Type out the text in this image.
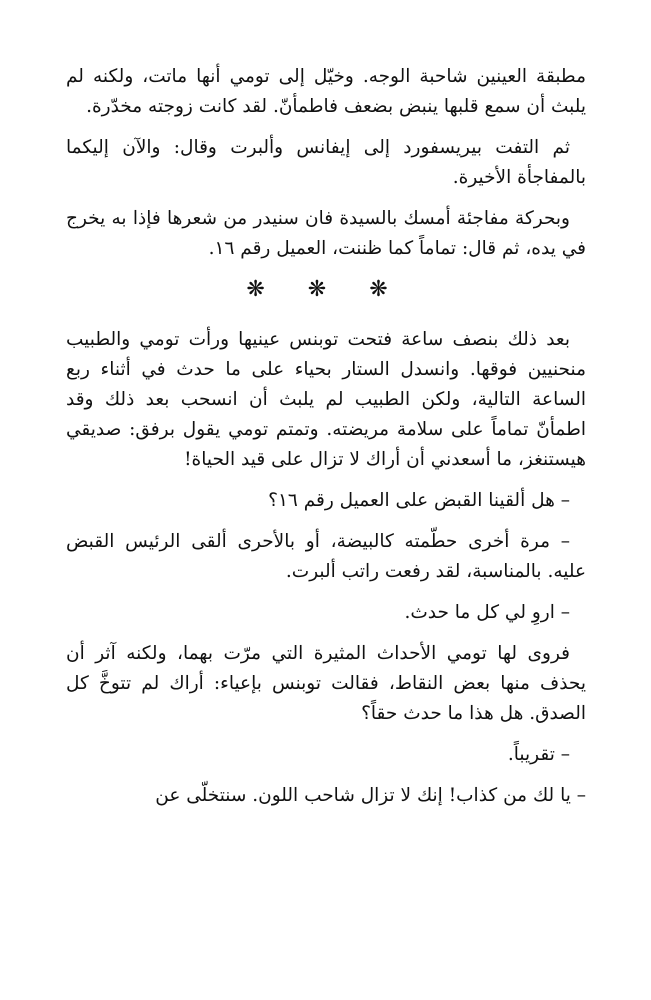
مطبقة العينين شاحبة الوجه. وخيّل إلى تومي أنها ماتت، ولكنه لم يلبث أن سمع قلبها ينبض بضعف فاطمأنّ. لقد كانت زوجته مخدّرة.

ثم التفت بيريسفورد إلى إيفانس وألبرت وقال: والآن إليكما بالمفاجأة الأخيرة.

وبحركة مفاجئة أمسك بالسيدة فان سنيدر من شعرها فإذا به يخرج في يده، ثم قال: تماماً كما ظننت، العميل رقم ١٦.

❋ ❋ ❋

بعد ذلك بنصف ساعة فتحت توبنس عينيها ورأت تومي والطبيب منحنيين فوقها. وانسدل الستار بحياء على ما حدث في أثناء ربع الساعة التالية، ولكن الطبيب لم يلبث أن انسحب بعد ذلك وقد اطمأنّ تماماً على سلامة مريضته. وتمتم تومي يقول برفق: صديقي هيستنغز، ما أسعدني أن أراك لا تزال على قيد الحياة!

– هل ألقينا القبض على العميل رقم ١٦؟

– مرة أخرى حطّمته كالبيضة، أو بالأحرى ألقى الرئيس القبض عليه. بالمناسبة، لقد رفعت راتب ألبرت.

– اروِ لي كل ما حدث.

فروى لها تومي الأحداث المثيرة التي مرّت بهما، ولكنه آثر أن يحذف منها بعض النقاط، فقالت توبنس بإعياء: أراك لم تتوخَّ كل الصدق. هل هذا ما حدث حقاً؟

– تقريباً.

– يا لك من كذاب! إنك لا تزال شاحب اللون. سنتخلّى عن
